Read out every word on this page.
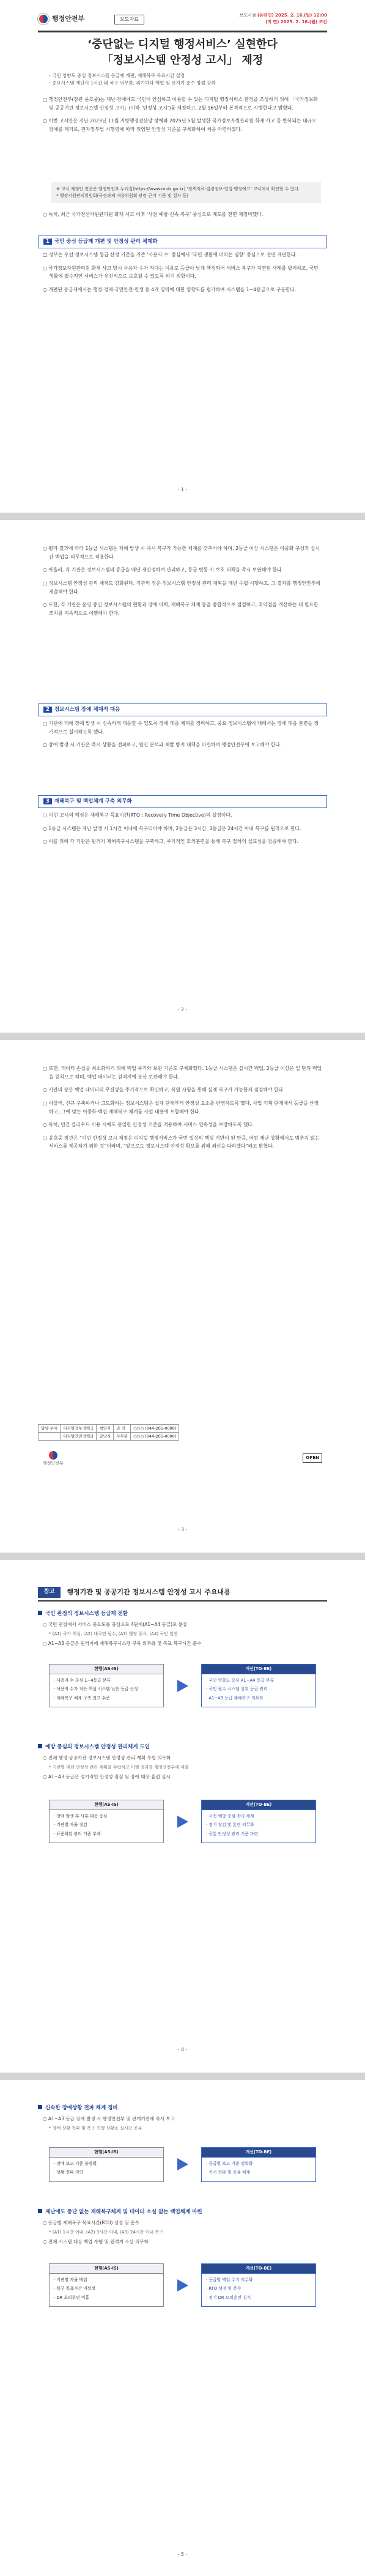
행정안전부	보도자료
보도시점 (온라인) 2025. 2. 16.(일) 12:00
(지 면) 2025. 2. 16.(월) 조간
‘중단없는 디지털 행정서비스’ 실현한다
「정보시스템 안정성 고시」 제정
- 국민 영향도 중심 정보시스템 등급제 개편, 재해복구 목표시간 설정
- 중요시스템 재난시 1시간 내 복구 의무화, 위기마다 백업 및 유지기 준수 방침 강화

□ 행정안전부(장관 윤호중)는 재난·장애에도 국민이 안심하고 이용할 수 있는 디지털 행정서비스 환경을 조성하기 위해 「국가정보화 및 공공기관 정보시스템 안정성 고시」(이하 ‘안정성 고시’)를 제정하고, 2월 16일부터 본격적으로 시행한다고 밝혔다.

○ 이번 고시안은 지난 2023년 11월 지방행정전산망 장애와 2025년 5월 발생한 국가정보자원관리원 화재 사고 등 반복되는 대규모 장애를 계기로, 전자정부법 시행령에 따라 위임된 안정성 기준을 구체화하여 처음 마련하였다.

※ 고시 제정안 전문은 행정안전부 누리집(https://www.mois.go.kr) ‘정책자료-법령정보-입법·행정예고’ 코너에서 확인할 수 있다.
* 행정지원관리위원회(국정과제 대응위원회 관련 근거 기준 및 절차 등)

○ 특히, 최근 국가전산자원관리원 화재 사고 이후 ‘사전 예방·신속 복구’ 중심으로 제도를 전면 재정비했다.

1 국민 중심 등급제 개편 및 안정성 관리 체계화

□ 정부는 우선 정보시스템 등급 산정 기준을 기존 ‘사용자 수’ 중심에서 ‘국민 생활에 미치는 영향’ 중심으로 전면 개편한다.

○ 국가정보자원관리원 화재 사고 당시 사용자 수가 적다는 이유로 등급이 낮게 책정되어 서비스 복구가 지연된 사례를 방지하고, 국민 생활에 필수적인 서비스가 우선적으로 보호될 수 있도록 하기 위함이다.

○ 개편된 등급제에서는 행정·경제·국민안전·민생 등 4개 영역에 대한 영향도를 평가하여 시스템을 1~4등급으로 구분한다.

- 1 -

○ 평가 결과에 따라 1등급 시스템은 재해 발생 시 즉시 복구가 가능한 체계를 갖추어야 하며, 2등급 이상 시스템은 이중화 구성과 실시간 백업을 의무적으로 적용한다.

○ 아울러, 각 기관은 정보시스템의 등급을 매년 재산정하여 관리하고, 등급 변동 시 보호 대책을 즉시 보완해야 한다.

□ 정보시스템 안정성 관리 체계도 강화된다. 기관의 장은 정보시스템 안정성 관리 계획을 매년 수립·시행하고, 그 결과를 행정안전부에 제출해야 한다.

○ 또한, 각 기관은 운영 중인 정보시스템의 현황과 장애 이력, 재해복구 체계 등을 종합적으로 점검하고, 취약점을 개선하는 데 필요한 조치를 지속적으로 이행해야 한다.

2 정보시스템 장애 체계적 대응

□ 기관에 대해 장애 발생 시 신속하게 대응할 수 있도록 장애 대응 체계를 정비하고, 중요 정보시스템에 대해서는 장애 대응 훈련을 정기적으로 실시하도록 했다.

○ 장애 발생 시 기관은 즉시 상황을 전파하고, 원인 분석과 재발 방지 대책을 마련하여 행정안전부에 보고해야 한다.

3 재해복구 및 백업체계 구축 의무화

□ 이번 고시의 핵심은 재해복구 목표시간(RTO : Recovery Time Objective)의 설정이다.

○ 1등급 시스템은 재난 발생 시 1시간 이내에 복구되어야 하며, 2등급은 3시간, 3등급은 24시간 이내 복구를 원칙으로 한다.

○ 이를 위해 각 기관은 원격지 재해복구시스템을 구축하고, 주기적인 모의훈련을 통해 복구 절차의 실효성을 검증해야 한다.

- 2 -

□ 또한, 데이터 손실을 최소화하기 위해 백업 주기와 보관 기준도 구체화했다. 1등급 시스템은 실시간 백업, 2등급 이상은 일 단위 백업을 원칙으로 하며, 백업 데이터는 원격지에 분산 보관해야 한다.

○ 기관의 장은 백업 데이터의 무결성을 주기적으로 확인하고, 복원 시험을 통해 실제 복구가 가능한지 점검해야 한다.

□ 아울러, 신규 구축하거나 고도화하는 정보시스템은 설계 단계부터 안정성 요소를 반영하도록 했다. 사업 기획 단계에서 등급을 산정하고, 그에 맞는 이중화·백업·재해복구 체계를 사업 내용에 포함해야 한다.

○ 특히, 민간 클라우드 이용 시에도 동일한 안정성 기준을 적용하여 서비스 연속성을 보장하도록 했다.

□ 윤호중 장관은 “이번 안정성 고시 제정은 디지털 행정서비스가 국민 일상의 핵심 기반이 된 만큼, 어떤 재난 상황에서도 멈추지 않는 서비스를 제공하기 위한 것”이라며, “앞으로도 정보시스템 안정성 확보를 위해 최선을 다하겠다”라고 밝혔다.

담당 부서	디지털정부정책국	책임자	과 장	○○○ (044-205-0000)
	디지털안전정책과	담당자	사무관	○○○ (044-205-0000)
행정안전부
OPEN
- 3 -
참고	행정기관 및 공공기관 정보시스템 안정성 고시 주요내용
국민 관점의 정보시스템 등급제 전환

○ 국민 관점에서 서비스 중요도를 중심으로 4단계(A1~A4 등급)로 분류

* (A1) 국가 핵심, (A2) 대국민 필수, (A3) 행정 중요, (A4) 국민 일반

○ A1~A3 등급은 원격지에 재해복구시스템 구축 의무화 및 목표 복구시간 준수

현행(AS-IS)
· 사용자 수 중심 1~4등급 분류
· 사용자 수가 적은 핵심 시스템 낮은 등급 산정
· 재해복구 체계 구축 권고 수준
개선(TO-BE)
· 국민 영향도 중심 A1~A4 등급 분류
· 국민 필수 시스템 상위 등급 관리
· A1~A3 등급 재해복구 의무화
예방 중심의 정보시스템 안정성 관리체계 도입

○ 전체 행정·공공기관 정보시스템 안정성 관리 계획 수립 의무화

* 기관별 매년 안정성 관리 계획을 수립하고 이행 결과를 행정안전부에 제출

○ A1~A3 등급은 정기적인 안정성 점검 및 장애 대응 훈련 실시

현행(AS-IS)
· 장애 발생 후 사후 대응 중심
· 기관별 자율 점검
· 표준화된 관리 기준 부재
개선(TO-BE)
· 사전 예방 중심 관리 체계
· 정기 점검 및 훈련 의무화
· 공통 안정성 관리 기준 마련
- 4 -
신속한 장애상황 전파 체계 정비

○ A1~A3 등급 장애 발생 시 행정안전부 및 관계기관에 즉시 보고

* 장애 상황 전파 및 복구 진행 상황을 실시간 공유

현행(AS-IS)
· 장애 보고 기준 불명확
· 상황 전파 지연
개선(TO-BE)
· 등급별 보고 기준 명확화
· 즉시 전파 및 공유 체계
재난에도 중단 없는 재해복구체계 및 데이터 소실 없는 백업체계 마련

○ 등급별 재해복구 목표시간(RTO) 설정 및 준수

* (A1) 1시간 이내, (A2) 3시간 이내, (A3) 24시간 이내 복구

○ 전체 시스템 대상 백업 수행 및 원격지 소산 의무화

현행(AS-IS)
· 기관별 자율 백업
· 복구 목표시간 미설정
· DR 오의훈련 미흡
개선(TO-BE)
· 등급별 백업 주기 의무화
· RTO 설정 및 준수
· 정기 DR 모의훈련 실시
- 5 -
